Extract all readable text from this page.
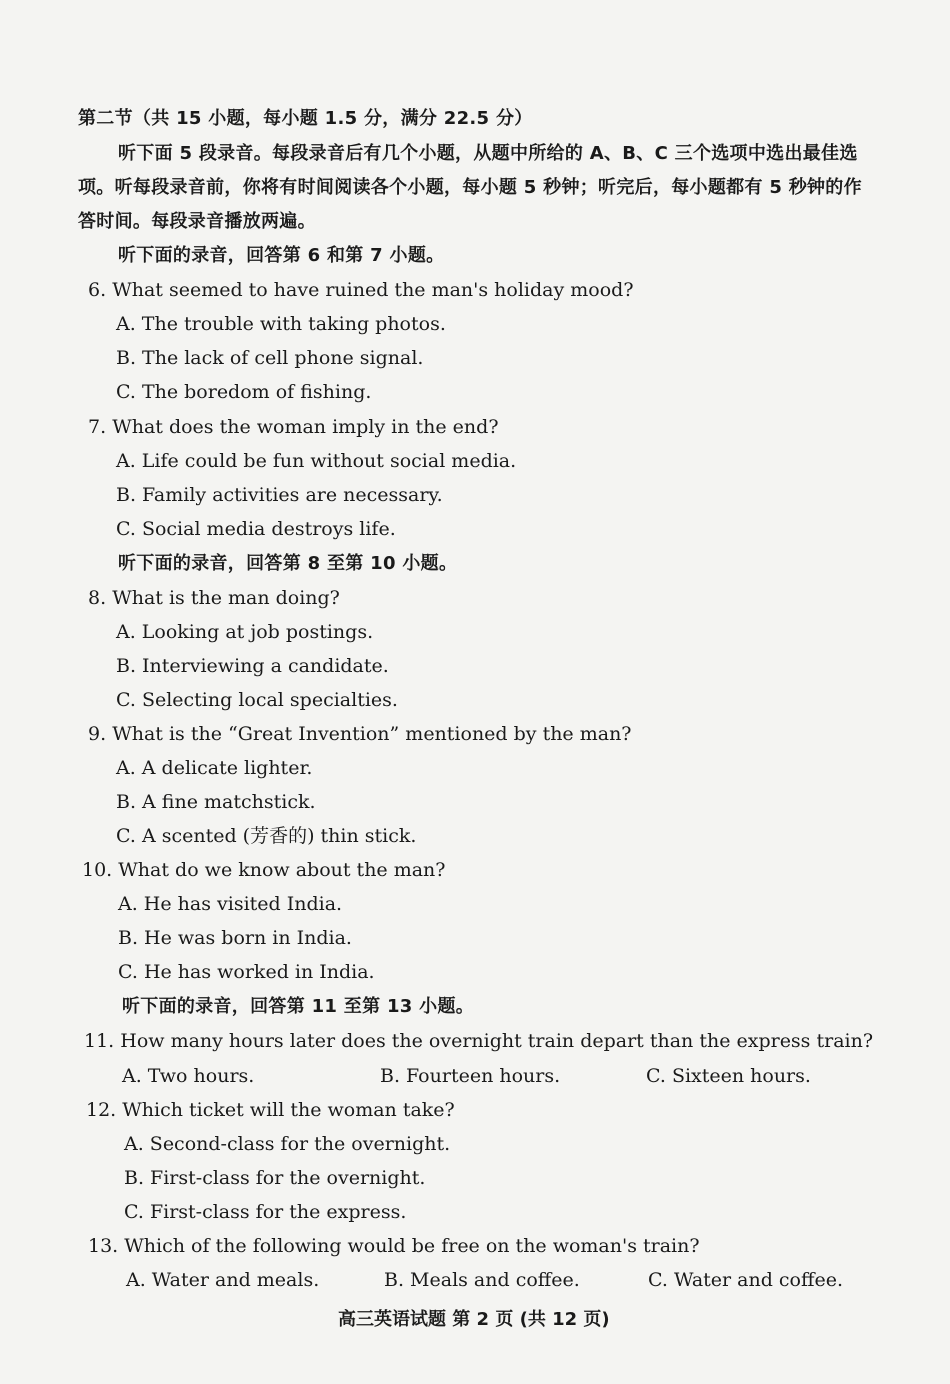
第二节（共 15 小题，每小题 1.5 分，满分 22.5 分）
听下面 5 段录音。每段录音后有几个小题，从题中所给的 A、B、C 三个选项中选出最佳选
项。听每段录音前，你将有时间阅读各个小题，每小题 5 秒钟；听完后，每小题都有 5 秒钟的作
答时间。每段录音播放两遍。
听下面的录音，回答第 6 和第 7 小题。
6. What seemed to have ruined the man's holiday mood?
A. The trouble with taking photos.
B. The lack of cell phone signal.
C. The boredom of fishing.
7. What does the woman imply in the end?
A. Life could be fun without social media.
B. Family activities are necessary.
C. Social media destroys life.
听下面的录音，回答第 8 至第 10 小题。
8. What is the man doing?
A. Looking at job postings.
B. Interviewing a candidate.
C. Selecting local specialties.
9. What is the “Great Invention” mentioned by the man?
A. A delicate lighter.
B. A fine matchstick.
C. A scented (芳香的) thin stick.
10. What do we know about the man?
A. He has visited India.
B. He was born in India.
C. He has worked in India.
听下面的录音，回答第 11 至第 13 小题。
11. How many hours later does the overnight train depart than the express train?
A. Two hours.	B. Fourteen hours.	C. Sixteen hours.
12. Which ticket will the woman take?
A. Second-class for the overnight.
B. First-class for the overnight.
C. First-class for the express.
13. Which of the following would be free on the woman's train?
A. Water and meals.	B. Meals and coffee.	C. Water and coffee.
高三英语试题 第 2 页 (共 12 页)
